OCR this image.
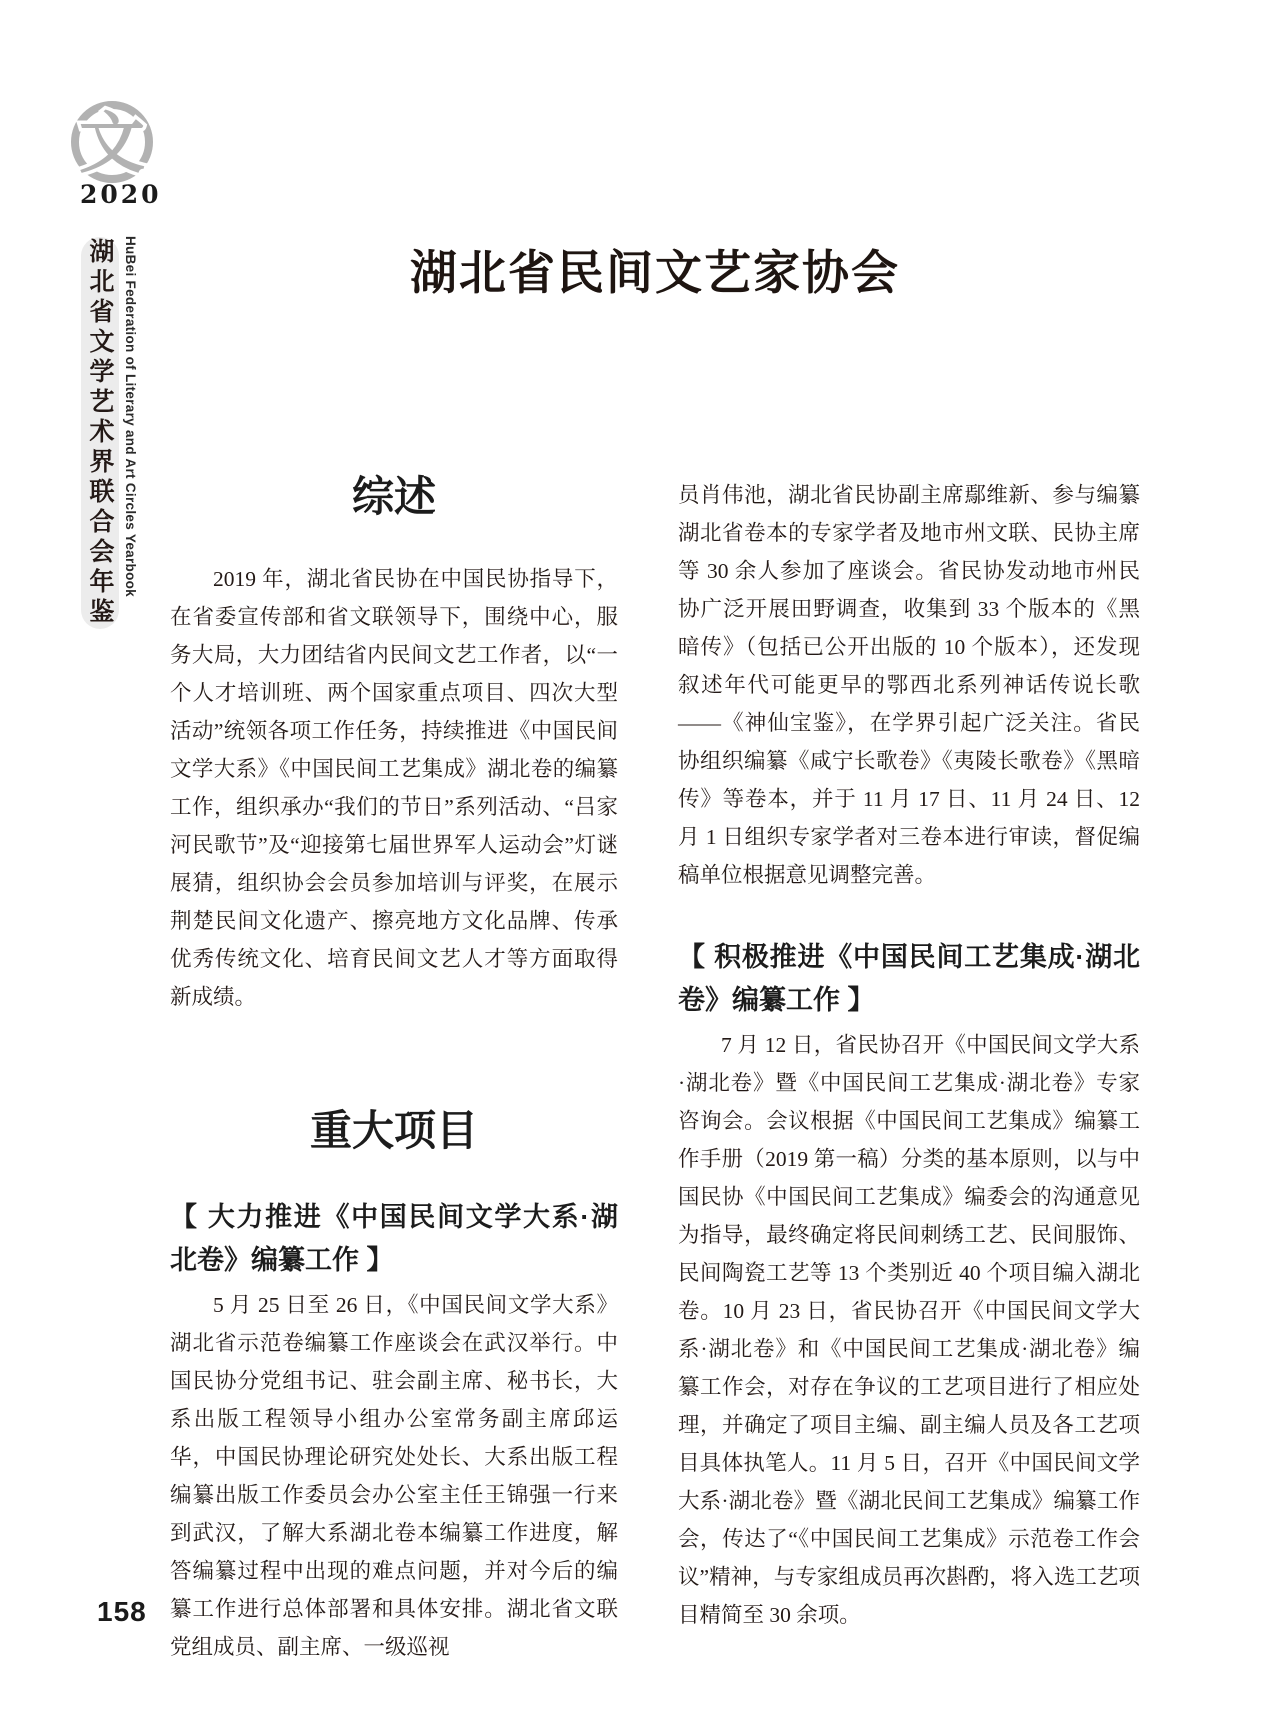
文
2020
湖北省文学艺术界联合会年鉴 HuBei Federation of Literary and Art Circles Yearbook	湖北省民间文艺家协会
综述

2019 年，湖北省民协在中国民协指导下，在省委宣传部和省文联领导下，围绕中心，服务大局，大力团结省内民间文艺工作者，以“一个人才培训班、两个国家重点项目、四次大型活动”统领各项工作任务，持续推进《中国民间文学大系》《中国民间工艺集成》湖北卷的编纂工作，组织承办“我们的节日”系列活动、“吕家河民歌节”及“迎接第七届世界军人运动会”灯谜展猜，组织协会会员参加培训与评奖，在展示荆楚民间文化遗产、擦亮地方文化品牌、传承优秀传统文化、培育民间文艺人才等方面取得新成绩。

重大项目
【 大力推进《中国民间文学大系·湖北卷》编纂工作 】

5 月 25 日至 26 日，《中国民间文学大系》湖北省示范卷编纂工作座谈会在武汉举行。中国民协分党组书记、驻会副主席、秘书长，大系出版工程领导小组办公室常务副主席邱运华，中国民协理论研究处处长、大系出版工程编纂出版工作委员会办公室主任王锦强一行来到武汉，了解大系湖北卷本编纂工作进度，解答编纂过程中出现的难点问题，并对今后的编纂工作进行总体部署和具体安排。湖北省文联党组成员、副主席、一级巡视

员肖伟池，湖北省民协副主席鄢维新、参与编纂湖北省卷本的专家学者及地市州文联、民协主席等 30 余人参加了座谈会。省民协发动地市州民协广泛开展田野调查，收集到 33 个版本的《黑暗传》（包括已公开出版的 10 个版本），还发现叙述年代可能更早的鄂西北系列神话传说长歌——《神仙宝鉴》，在学界引起广泛关注。省民协组织编纂《咸宁长歌卷》《夷陵长歌卷》《黑暗传》等卷本，并于 11 月 17 日、11 月 24 日、12 月 1 日组织专家学者对三卷本进行审读，督促编稿单位根据意见调整完善。

【 积极推进《中国民间工艺集成·湖北卷》编纂工作 】

7 月 12 日，省民协召开《中国民间文学大系·湖北卷》暨《中国民间工艺集成·湖北卷》专家咨询会。会议根据《中国民间工艺集成》编纂工作手册（2019 第一稿）分类的基本原则，以与中国民协《中国民间工艺集成》编委会的沟通意见为指导，最终确定将民间刺绣工艺、民间服饰、民间陶瓷工艺等 13 个类别近 40 个项目编入湖北卷。10 月 23 日，省民协召开《中国民间文学大系·湖北卷》和《中国民间工艺集成·湖北卷》编纂工作会，对存在争议的工艺项目进行了相应处理，并确定了项目主编、副主编人员及各工艺项目具体执笔人。11 月 5 日，召开《中国民间文学大系·湖北卷》暨《湖北民间工艺集成》编纂工作会，传达了“《中国民间工艺集成》示范卷工作会议”精神，与专家组成员再次斟酌，将入选工艺项目精简至 30 余项。

158
